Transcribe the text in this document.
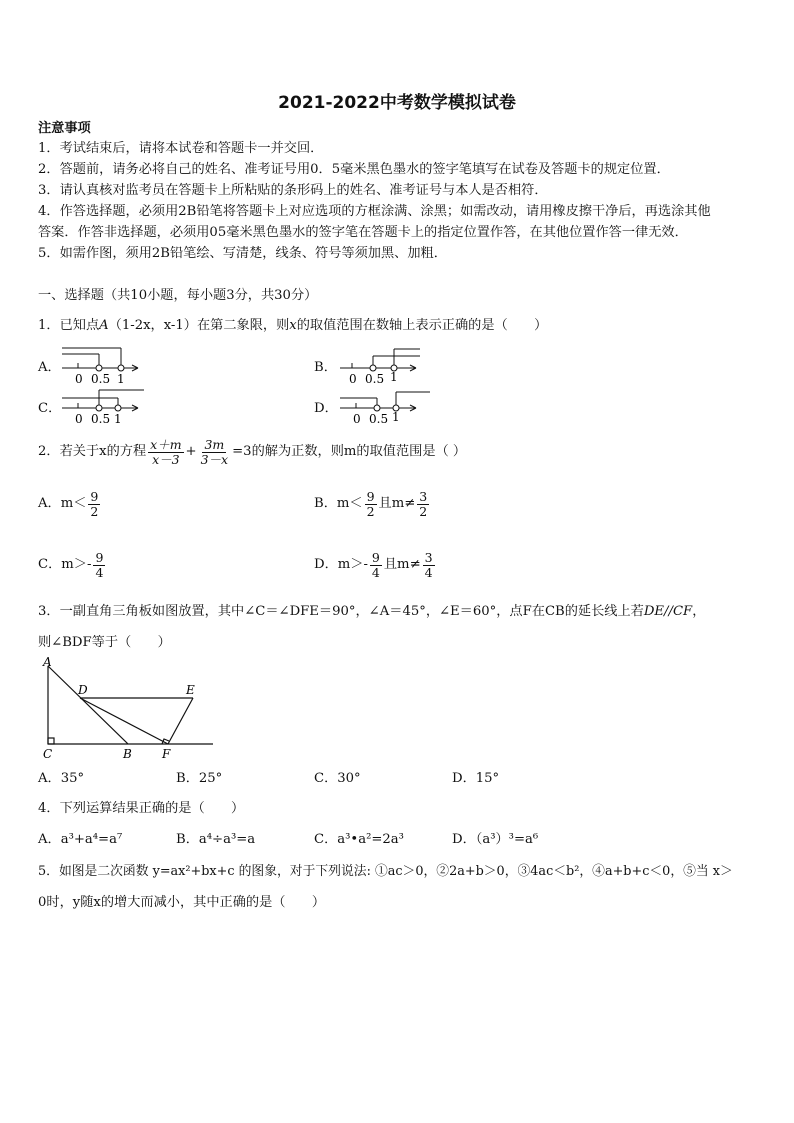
2021-2022中考数学模拟试卷
注意事项
1．考试结束后，请将本试卷和答题卡一并交回．
2．答题前，请务必将自己的姓名、准考证号用0．5毫米黑色墨水的签字笔填写在试卷及答题卡的规定位置．
3．请认真核对监考员在答题卡上所粘贴的条形码上的姓名、准考证号与本人是否相符．
4．作答选择题，必须用2B铅笔将答题卡上对应选项的方框涂满、涂黑；如需改动，请用橡皮擦干净后，再选涂其他
答案．作答非选择题，必须用05毫米黑色墨水的签字笔在答题卡上的指定位置作答，在其他位置作答一律无效．
5．如需作图，须用2B铅笔绘、写清楚，线条、符号等须加黑、加粗．
一、选择题（共10小题，每小题3分，共30分）
1．已知点A（1-2x，x-1）在第二象限，则x的取值范围在数轴上表示正确的是（　　）
A．	B．
C．	D．
0 0.5 1	0 0.5 1
0 0.5 1	0 0.5 1
2．若关于x的方程 $\frac{x+m}{x-3} + \frac{3m}{3-x} =3$的解为正数，则m的取值范围是（ ）
A．$m< \frac{9}{2}$	B．$m< \frac{9}{2}$ 且$m\ne \frac{3}{2}$
C．$m>- \frac{9}{4}$	D．$m>- \frac{9}{4}$ 且$m\ne \frac{3}{4}$
3．一副直角三角板如图放置，其中∠C＝∠DFE＝90°，∠A＝45°，∠E＝60°，点F在CB的延长线上若DE//CF，
则∠BDF等于（　　）
A
D	E
C	B	F
A．35°	B．25°	C．30°	D．15°
4．下列运算结果正确的是（　　）
A．a³+a⁴=a⁷	B．a⁴÷a³=a	C．a³•a²=2a³	D．（a³）³=a⁶
5．如图是二次函数 y=ax²+bx+c 的图象，对于下列说法: ①ac＞0，②2a+b＞0，③4ac＜b²，④a+b+c＜0，⑤当 x＞
0时，y随x的增大而减小，其中正确的是（　　）
